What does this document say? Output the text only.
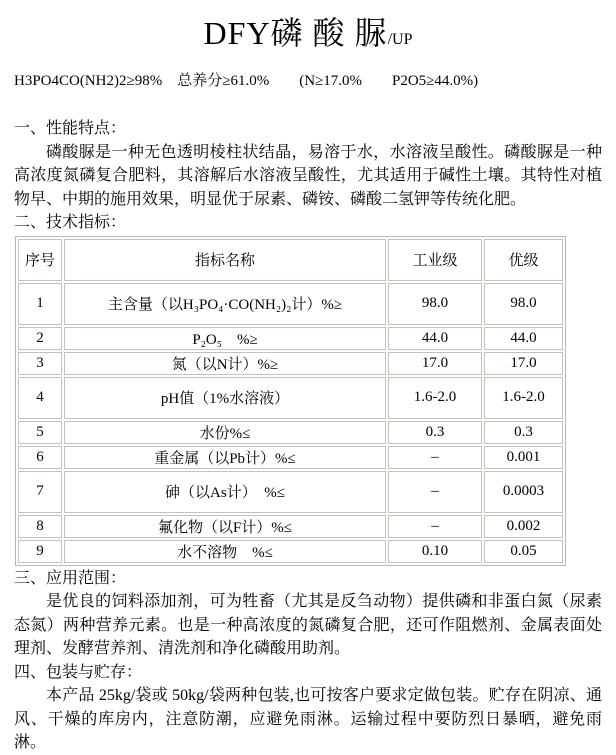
DFY磷 酸 脲/UP
H3PO4CO(NH2)2≥98%　总养分≥61.0%　　(N≥17.0%　　P2O5≥44.0%)
一、性能特点：

磷酸脲是一种无色透明棱柱状结晶，易溶于水，水溶液呈酸性。磷酸脲是一种高浓度氮磷复合肥料，其溶解后水溶液呈酸性，尤其适用于碱性土壤。其特性对植物早、中期的施用效果，明显优于尿素、磷铵、磷酸二氢钾等传统化肥。

二、技术指标：
序号	指标名称	工业级	优级
1	主含量（以H₃PO₄·CO(NH₂)₂计）%≥	98.0	98.0
2	P₂O₅　%≥	44.0	44.0
3	氮（以N计）%≥	17.0	17.0
4	pH值（1%水溶液）	1.6-2.0	1.6-2.0
5	水份%≤	0.3	0.3
6	重金属（以Pb计）%≤	–	0.001
7	砷（以As计）　%≤	–	0.0003
8	氟化物（以F计）%≤	–	0.002
9	水不溶物　%≤	0.10	0.05
三、应用范围：

是优良的饲料添加剂，可为牲畜（尤其是反刍动物）提供磷和非蛋白氮（尿素态氮）两种营养元素。也是一种高浓度的氮磷复合肥，还可作阻燃剂、金属表面处理剂、发酵营养剂、清洗剂和净化磷酸用助剂。

四、包装与贮存：

本产品 25kg/袋或 50kg/袋两种包装,也可按客户要求定做包装。贮存在阴凉、通风、干燥的库房内，注意防潮，应避免雨淋。运输过程中要防烈日暴晒，避免雨淋。
